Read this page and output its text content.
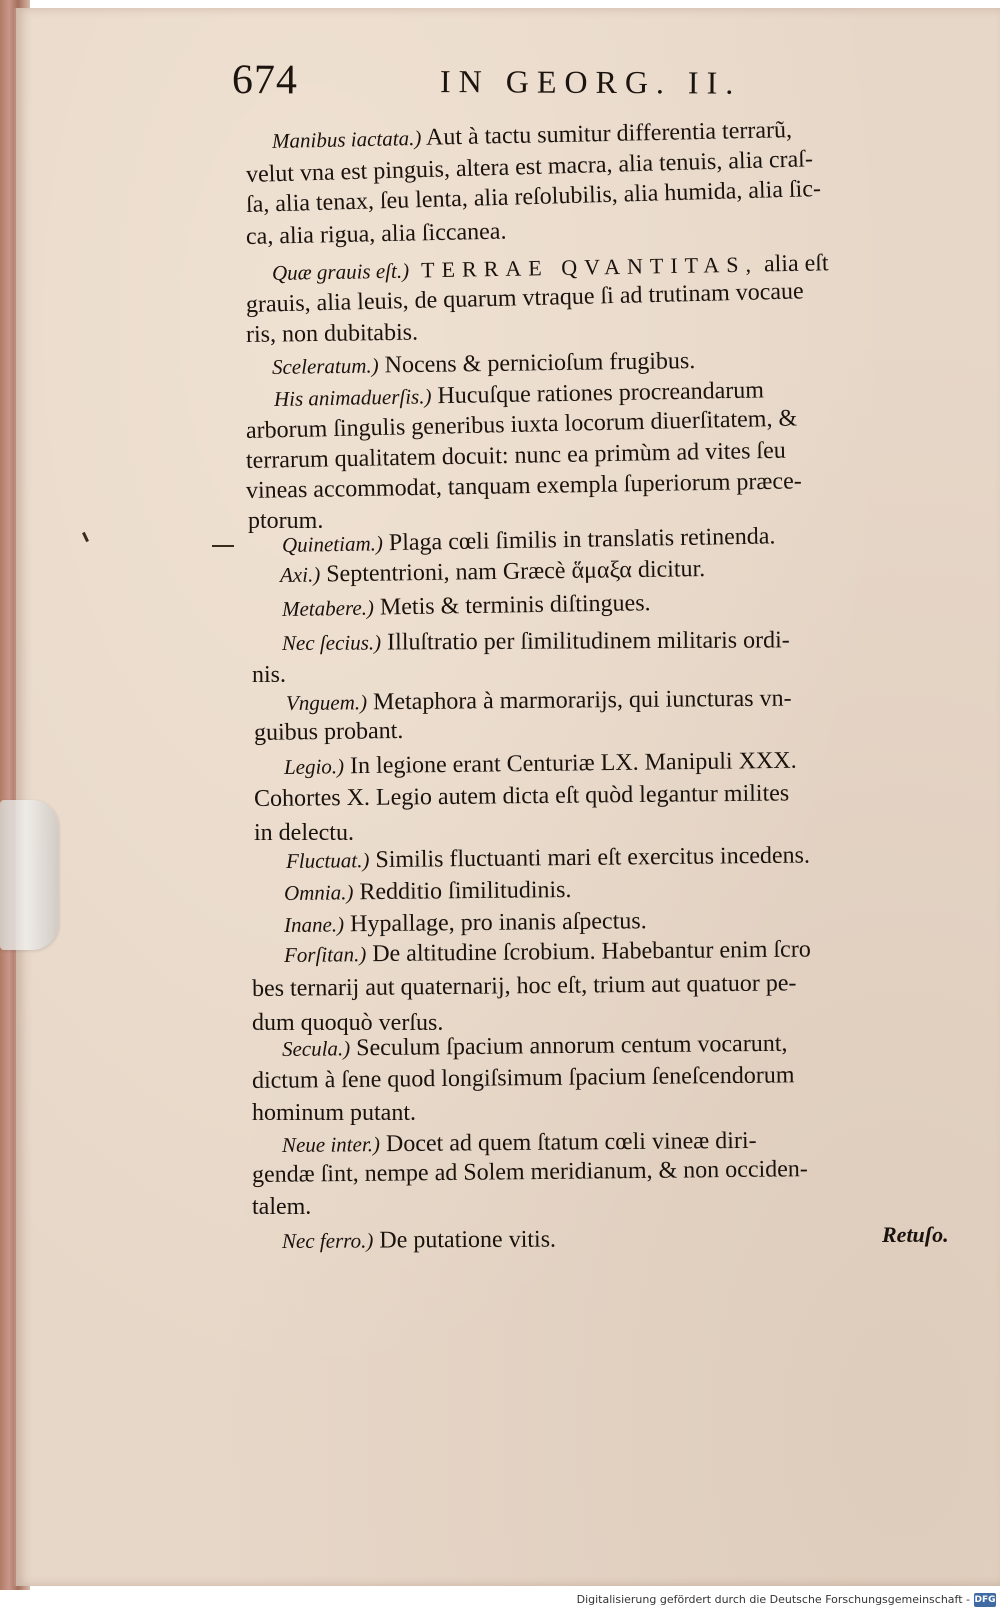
674	IN GEORG. II.
Manibus iactata.) Aut à tactu sumitur differentia terrarũ,
velut vna est pinguis, altera est macra, alia tenuis, alia craſ-
ſa, alia tenax, ſeu lenta, alia reſolubilis, alia humida, alia ſic-
ca, alia rigua, alia ſiccanea.
Quæ grauis eſt.) TERRAE QVANTITAS, alia eſt
grauis, alia leuis, de quarum vtraque ſi ad trutinam vocaue
ris, non dubitabis.
Sceleratum.) Nocens & pernicioſum frugibus.
His animaduerſis.) Hucuſque rationes procreandarum
arborum ſingulis generibus iuxta locorum diuerſitatem, &
terrarum qualitatem docuit: nunc ea primùm ad vites ſeu
vineas accommodat, tanquam exempla ſuperiorum præce-
ptorum.
Quinetiam.) Plaga cœli ſimilis in translatis retinenda.
Axi.) Septentrioni, nam Græcè ἅμαξα dicitur.
Metabere.) Metis & terminis diſtingues.
Nec ſecius.) Illuſtratio per ſimilitudinem militaris ordi-
nis.
Vnguem.) Metaphora à marmorarijs, qui iuncturas vn-
guibus probant.
Legio.) In legione erant Centuriæ LX. Manipuli XXX.
Cohortes X. Legio autem dicta eſt quòd legantur milites
in delectu.
Fluctuat.) Similis fluctuanti mari eſt exercitus incedens.
Omnia.) Redditio ſimilitudinis.
Inane.) Hypallage, pro inanis aſpectus.
Forſitan.) De altitudine ſcrobium. Habebantur enim ſcro
bes ternarij aut quaternarij, hoc eſt, trium aut quatuor pe-
dum quoquò verſus.
Secula.) Seculum ſpacium annorum centum vocarunt,
dictum à ſene quod longiſsimum ſpacium ſeneſcendorum
hominum putant.
Neue inter.) Docet ad quem ſtatum cœli vineæ diri-
gendæ ſint, nempe ad Solem meridianum, & non occiden-
talem.
Nec ferro.) De putatione vitis.	Retuſo.
Digitalisierung gefördert durch die Deutsche Forschungsgemeinschaft - DFG
